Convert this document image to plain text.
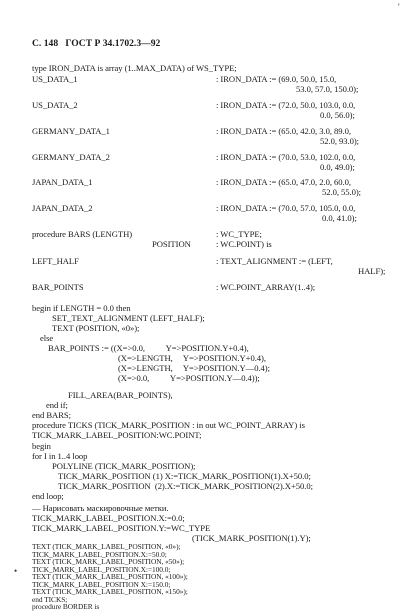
С. 148 ГОСТ Р 34.1702.3—92
type IRON_DATA is array (1..MAX_DATA) of WS_TYPE;
US_DATA_1	: IRON_DATA := (69.0, 50.0, 15.0,
53.0, 57.0, 150.0);
US_DATA_2	: IRON_DATA := (72.0, 50.0, 103.0, 0.0,
0.0, 56.0);
GERMANY_DATA_1	: IRON_DATA := (65.0, 42.0, 3.0, 89.0,
52.0, 93.0);
GERMANY_DATA_2	: IRON_DATA := (70.0, 53.0, 102.0, 0.0,
0.0, 49.0);
JAPAN_DATA_1	: IRON_DATA := (65.0, 47.0, 2.0, 60.0,
52.0, 55.0);
JAPAN_DATA_2	: IRON_DATA := (70.0, 57.0, 105.0, 0.0,
0.0, 41.0);
procedure BARS (LENGTH)	: WC_TYPE;
POSITION	: WC.POINT) is
LEFT_HALF	: TEXT_ALIGNMENT := (LEFT,
HALF);
BAR_POINTS	: WC.POINT_ARRAY(1..4);
begin if LENGTH = 0.0 then
SET_TEXT_ALIGNMENT (LEFT_HALF);
TEXT (POSITION, «0»);
else
BAR_POINTS := ((X=>0.0,          Y=>POSITION.Y+0.4),
(X=>LENGTH,     Y=>POSITION.Y+0.4),
(X=>LENGTH,     Y=>POSITION.Y—0.4);
(X=>0.0,          Y=>POSITION.Y—0.4));
FILL_AREA(BAR_POINTS),
end if;
end BARS;
procedure TICKS (TICK_MARK_POSITION : in out WC_POINT_ARRAY) is
TICK_MARK_LABEL_POSITION:WC.POINT;
begin
for I in 1..4 loop
POLYLINE (TICK_MARK_POSITION);
TICK_MARK_POSITION (1) X:=TICK_MARK_POSITION(1).X+50.0;
TICK_MARK_POSITION  (2).X:=TICK_MARK_POSITION(2).X+50.0;
end loop;
— Нарисовать маскировочные метки.
TICK_MARK_LABEL_POSITION.X:=0.0;
TICK_MARK_LABEL_POSITION.Y:=WC_TYPE
(TICK_MARK_POSITION(1).Y);
TEXT (TICK_MARK_LABEL_POSITION, «0»);
TICK_MARK_LABEL_POSITION.X:=50.0;
TEXT (TICK_MARK_LABEL_POSITION, «50»);
TICK_MARK_LABEL_POSITION.X:=100.0;
TEXT (TICK_MARK_LABEL_POSITION, «100»);
TICK_MARK_LABEL_POSITION X:=150.0;
•
'
TEXT (TICK_MARK_LABEL_POSITION, «150»);
end TICKS;
procedure BORDER is
